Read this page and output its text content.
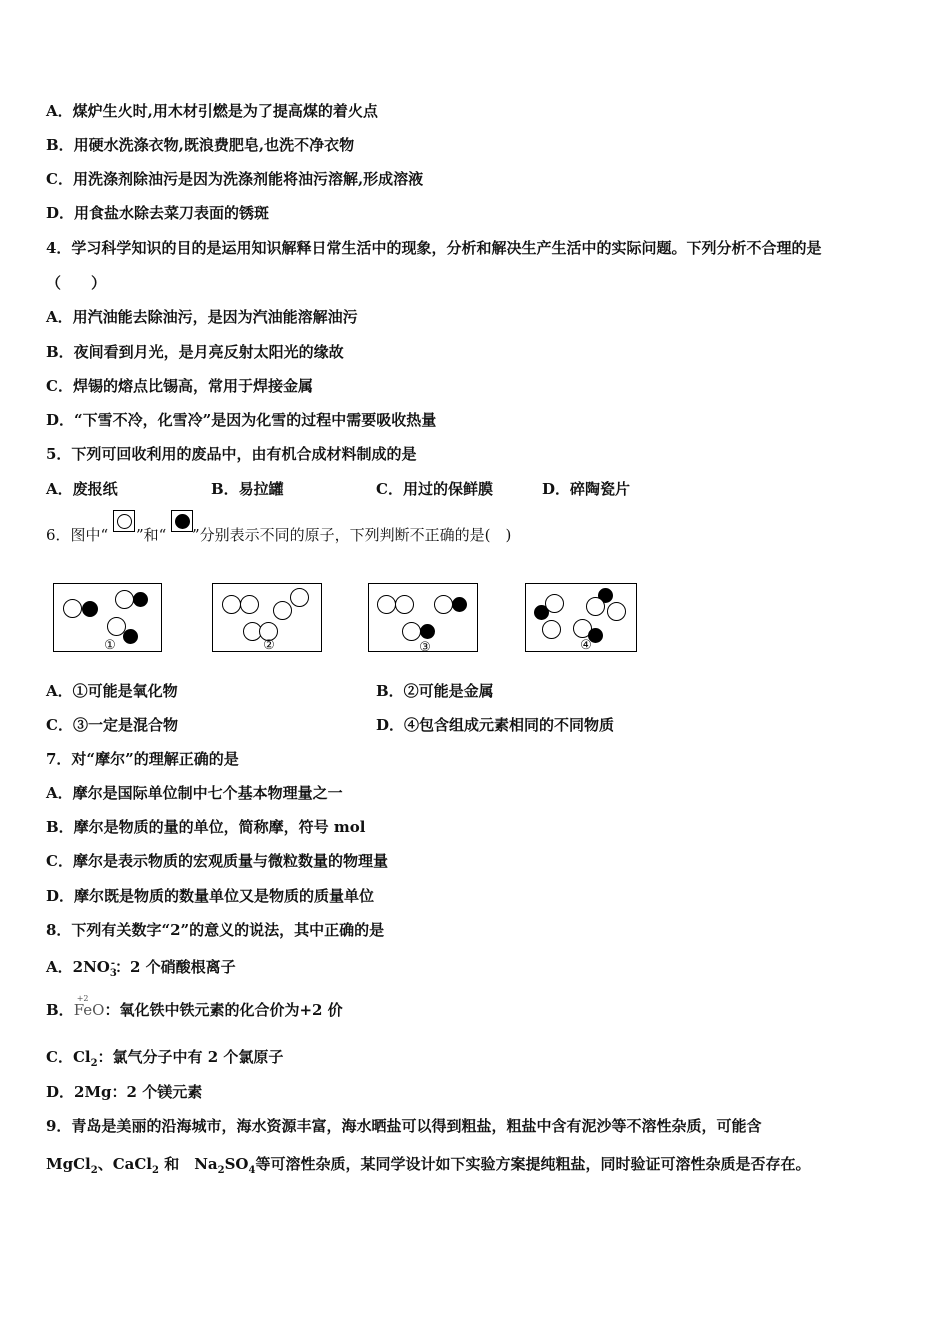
A．煤炉生火时,用木材引燃是为了提高煤的着火点
B．用硬水洗涤衣物,既浪费肥皂,也洗不净衣物
C．用洗涤剂除油污是因为洗涤剂能将油污溶解,形成溶液
D．用食盐水除去菜刀表面的锈斑
4．学习科学知识的目的是运用知识解释日常生活中的现象，分析和解决生产生活中的实际问题。下列分析不合理的是
（　　）
A．用汽油能去除油污，是因为汽油能溶解油污
B．夜间看到月光，是月亮反射太阳光的缘故
C．焊锡的熔点比锡高，常用于焊接金属
D．“下雪不冷，化雪冷”是因为化雪的过程中需要吸收热量
5．下列可回收利用的废品中，由有机合成材料制成的是
A．废报纸	B．易拉罐	C．用过的保鲜膜	D．碎陶瓷片
6．图中“ ”和“ ”分别表示不同的原子，下列判断不正确的是(　)
①	②	③	④
A．①可能是氧化物	B．②可能是金属
C．③一定是混合物	D．④包含组成元素相同的不同物质
7．对“摩尔”的理解正确的是
A．摩尔是国际单位制中七个基本物理量之一
B．摩尔是物质的量的单位，简称摩，符号 mol
C．摩尔是表示物质的宏观质量与微粒数量的物理量
D．摩尔既是物质的数量单位又是物质的质量单位
8．下列有关数字“2”的意义的说法，其中正确的是
A．$2NO_3^-$：2 个硝酸根离子
B．
+2
FeO：氧化铁中铁元素的化合价为+2 价
C．$Cl_2$：氯气分子中有 2 个氯原子
D．2Mg：2 个镁元素
9．青岛是美丽的沿海城市，海水资源丰富，海水晒盐可以得到粗盐，粗盐中含有泥沙等不溶性杂质，可能含
MgCl$_2$、CaCl$_2$ 和　$Na_2SO_4$等可溶性杂质，某同学设计如下实验方案提纯粗盐，同时验证可溶性杂质是否存在。
